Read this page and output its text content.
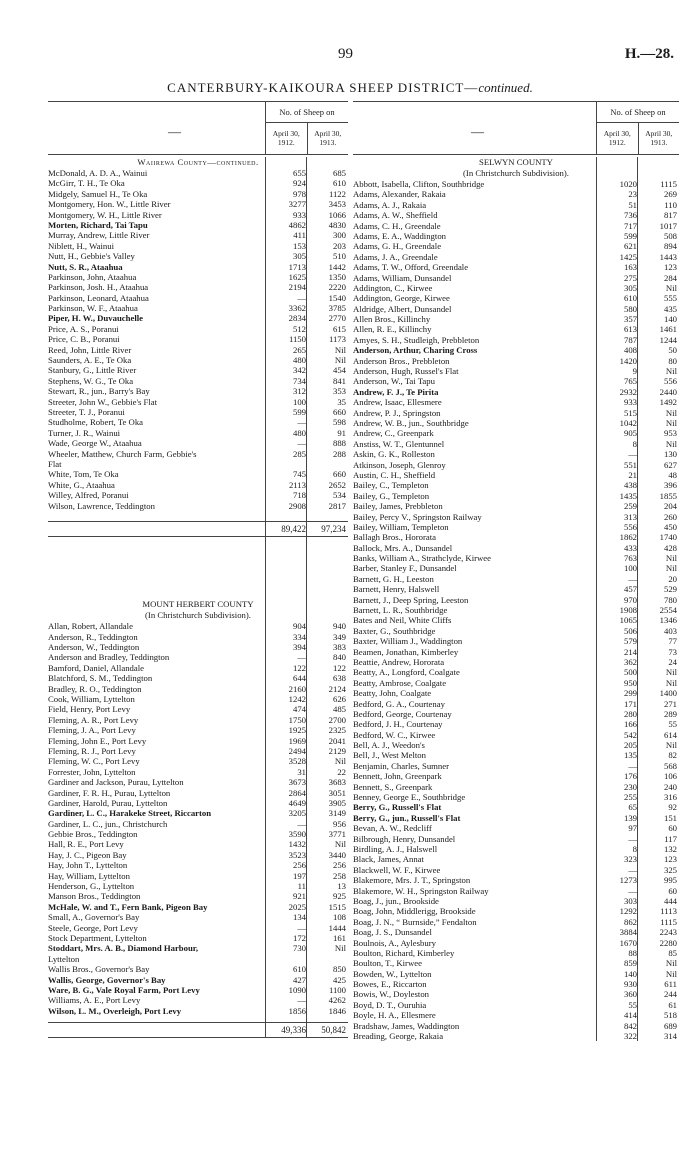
99	H.—28.
CANTERBURY-KAIKOURA SHEEP DISTRICT—continued.
—
No. of Sheep on
April 30, 1912.
April 30, 1913.
Waiirewa County—continued.
McDonald, A. D. A., Wainui	655	685
McGirr, T. H., Te Oka	924	610
Midgely, Samuel H., Te Oka	978	1122
Montgomery, Hon. W., Little River	3277	3453
Montgomery, W. H., Little River	933	1066
Morten, Richard, Tai Tapu	4862	4830
Murray, Andrew, Little River	411	300
Niblett, H., Wainui	153	203
Nutt, H., Gebbie's Valley	305	510
Nutt, S. R., Ataahua	1713	1442
Parkinson, John, Ataahua	1625	1350
Parkinson, Josh. H., Ataahua	2194	2220
Parkinson, Leonard, Ataahua	—	1540
Parkinson, W. F., Ataahua	3362	3785
Piper, H. W., Duvauchelle	2834	2770
Price, A. S., Poranui	512	615
Price, C. B., Poranui	1150	1173
Reed, John, Little River	265	Nil
Saunders, A. E., Te Oka	480	Nil
Stanbury, G., Little River	342	454
Stephens, W. G., Te Oka	734	841
Stewart, R., jun., Barry's Bay	312	353
Streeter, John W., Gebbie's Flat	100	35
Streeter, T. J., Poranui	599	660
Studholme, Robert, Te Oka	—	598
Turner, J. R., Wainui	480	91
Wade, George W., Ataahua	—	888
Wheeler, Matthew, Church Farm, Gebbie's	285	288
Flat
White, Tom, Te Oka	745	660
White, G., Ataahua	2113	2652
Willey, Alfred, Poranui	718	534
Wilson, Lawrence, Teddington	2908	2817
89,422	97,234
MOUNT HERBERT COUNTY
(In Christchurch Subdivision).
Allan, Robert, Allandale	904	940
Anderson, R., Teddington	334	349
Anderson, W., Teddington	394	383
Anderson and Bradley, Teddington	—	840
Bamford, Daniel, Allandale	122	122
Blatchford, S. M., Teddington	644	638
Bradley, R. O., Teddington	2160	2124
Cook, William, Lyttelton	1242	626
Field, Henry, Port Levy	474	485
Fleming, A. R., Port Levy	1750	2700
Fleming, J. A., Port Levy	1925	2325
Fleming, John E., Port Levy	1969	2041
Fleming, R. J., Port Levy	2494	2129
Fleming, W. C., Port Levy	3528	Nil
Forrester, John, Lyttelton	31	22
Gardiner and Jackson, Purau, Lyttelton	3673	3683
Gardiner, F. R. H., Purau, Lyttelton	2864	3051
Gardiner, Harold, Purau, Lyttelton	4649	3905
Gardiner, L. C., Harakeke Street, Riccarton	3205	3149
Gardiner, L. C., jun., Christchurch	—	956
Gebbie Bros., Teddington	3590	3771
Hall, R. E., Port Levy	1432	Nil
Hay, J. C., Pigeon Bay	3523	3440
Hay, John T., Lyttelton	256	256
Hay, William, Lyttelton	197	258
Henderson, G., Lyttelton	11	13
Manson Bros., Teddington	921	925
McHale, W. and T., Fern Bank, Pigeon Bay	2025	1515
Small, A., Governor's Bay	134	108
Steele, George, Port Levy	—	1444
Stock Department, Lyttelton	172	161
Stoddart, Mrs. A. B., Diamond Harbour,	730	Nil
Lyttelton
Wallis Bros., Governor's Bay	610	850
Wallis, George, Governor's Bay	427	425
Ware, B. G., Vale Royal Farm, Port Levy	1090	1100
Williams, A. E., Port Levy	—	4262
Wilson, L. M., Overleigh, Port Levy	1856	1846
49,336	50,842
—
No. of Sheep on
April 30, 1912.
April 30, 1913.
SELWYN COUNTY
(In Christchurch Subdivision).
Abbott, Isabella, Clifton, Southbridge	1020	1115
Adams, Alexander, Rakaia	23	269
Adams, A. J., Rakaia	51	110
Adams, A. W., Sheffield	736	817
Adams, C. H., Greendale	717	1017
Adams, E. A., Waddington	599	508
Adams, G. H., Greendale	621	894
Adams, J. A., Greendale	1425	1443
Adams, T. W., Offord, Greendale	163	123
Adams, William, Dunsandel	275	284
Addington, C., Kirwee	305	Nil
Addington, George, Kirwee	610	555
Aldridge, Albert, Dunsandel	580	435
Allen Bros., Killinchy	357	140
Allen, R. E., Killinchy	613	1461
Amyes, S. H., Studleigh, Prebbleton	787	1244
Anderson, Arthur, Charing Cross	408	50
Anderson Bros., Prebbleton	1420	80
Anderson, Hugh, Russel's Flat	9	Nil
Anderson, W., Tai Tapu	765	556
Andrew, F. J., Te Pirita	2932	2440
Andrew, Isaac, Ellesmere	933	1492
Andrew, P. J., Springston	515	Nil
Andrew, W. B., jun., Southbridge	1042	Nil
Andrew, C., Greenpark	905	953
Anstiss, W. T., Glentunnel	8	Nil
Askin, G. K., Rolleston	—	130
Atkinson, Joseph, Glenroy	551	627
Austin, C. H., Sheffield	21	48
Bailey, C., Templeton	438	396
Bailey, G., Templeton	1435	1855
Bailey, James, Prebbleton	259	204
Bailey, Percy V., Springston Railway	313	260
Bailey, William, Templeton	556	450
Ballagh Bros., Hororata	1862	1740
Ballock, Mrs. A., Dunsandel	433	428
Banks, William A., Strathclyde, Kirwee	763	Nil
Barber, Stanley F., Dunsandel	100	Nil
Barnett, G. H., Leeston	—	20
Barnett, Henry, Halswell	457	529
Barnett, J., Deep Spring, Leeston	970	780
Barnett, L. R., Southbridge	1908	2554
Bates and Neil, White Cliffs	1065	1346
Baxter, G., Southbridge	506	403
Baxter, William J., Waddington	579	77
Beamen, Jonathan, Kimberley	214	73
Beattie, Andrew, Hororata	362	24
Beatty, A., Longford, Coalgate	500	Nil
Beatty, Ambrose, Coalgate	950	Nil
Beatty, John, Coalgate	299	1400
Bedford, G. A., Courtenay	171	271
Bedford, George, Courtenay	280	289
Bedford, J. H., Courtenay	166	55
Bedford, W. C., Kirwee	542	614
Bell, A. J., Weedon's	205	Nil
Bell, J., West Melton	135	82
Benjamin, Charles, Sumner	—	568
Bennett, John, Greenpark	176	106
Bennett, S., Greenpark	230	240
Benney, George E., Southbridge	255	316
Berry, G., Russell's Flat	65	92
Berry, G., jun., Russell's Flat	139	151
Bevan, A. W., Redcliff	97	60
Bilbrough, Henry, Dunsandel	—	117
Birdling, A. J., Halswell	8	132
Black, James, Annat	323	123
Blackwell, W. F., Kirwee	—	325
Blakemore, Mrs. J. T., Springston	1273	995
Blakemore, W. H., Springston Railway	—	60
Boag, J., jun., Brookside	303	444
Boag, John, Middlerigg, Brookside	1292	1113
Boag, J. N., “ Burnside,” Fendalton	862	1115
Boag, J. S., Dunsandel	3884	2243
Boulnois, A., Aylesbury	1670	2280
Boulton, Richard, Kimberley	88	85
Boulton, T., Kirwee	859	Nil
Bowden, W., Lyttelton	140	Nil
Bowes, E., Riccarton	930	611
Bowis, W., Doyleston	360	244
Boyd, D. T., Ouruhia	55	61
Boyle, H. A., Ellesmere	414	518
Bradshaw, James, Waddington	842	689
Breading, George, Rakaia	322	314
